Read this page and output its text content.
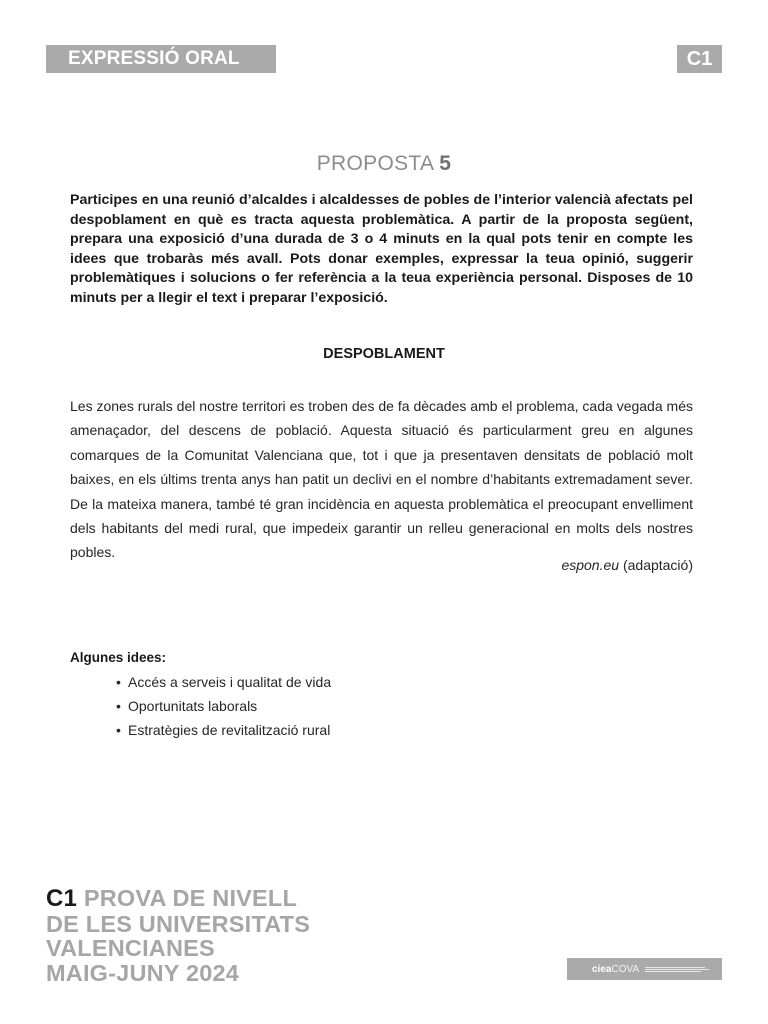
EXPRESSIÓ ORAL	C1
PROPOSTA 5
Participes en una reunió d’alcaldes i alcaldesses de pobles de l’interior valencià afectats pel despoblament en què es tracta aquesta problemàtica. A partir de la proposta següent, prepara una exposició d’una durada de 3 o 4 minuts en la qual pots tenir en compte les idees que trobaràs més avall. Pots donar exemples, expressar la teua opinió, suggerir problemàtiques i solucions o fer referència a la teua experiència personal. Disposes de 10 minuts per a llegir el text i preparar l’exposició.
DESPOBLAMENT
Les zones rurals del nostre territori es troben des de fa dècades amb el problema, cada vegada més amenaçador, del descens de població. Aquesta situació és particularment greu en algunes comarques de la Comunitat Valenciana que, tot i que ja presentaven densitats de població molt baixes, en els últims trenta anys han patit un declivi en el nombre d’habitants extremadament sever. De la mateixa manera, també té gran incidència en aquesta problemàtica el preocupant envelliment dels habitants del medi rural, que impedeix garantir un relleu generacional en molts dels nostres pobles.
espon.eu (adaptació)
Algunes idees:
• Accés a serveis i qualitat de vida
• Oportunitats laborals
• Estratègies de revitalització rural
C1 PROVA DE NIVELL
DE LES UNIVERSITATS
VALENCIANES
MAIG-JUNY 2024	cieaCOVA
